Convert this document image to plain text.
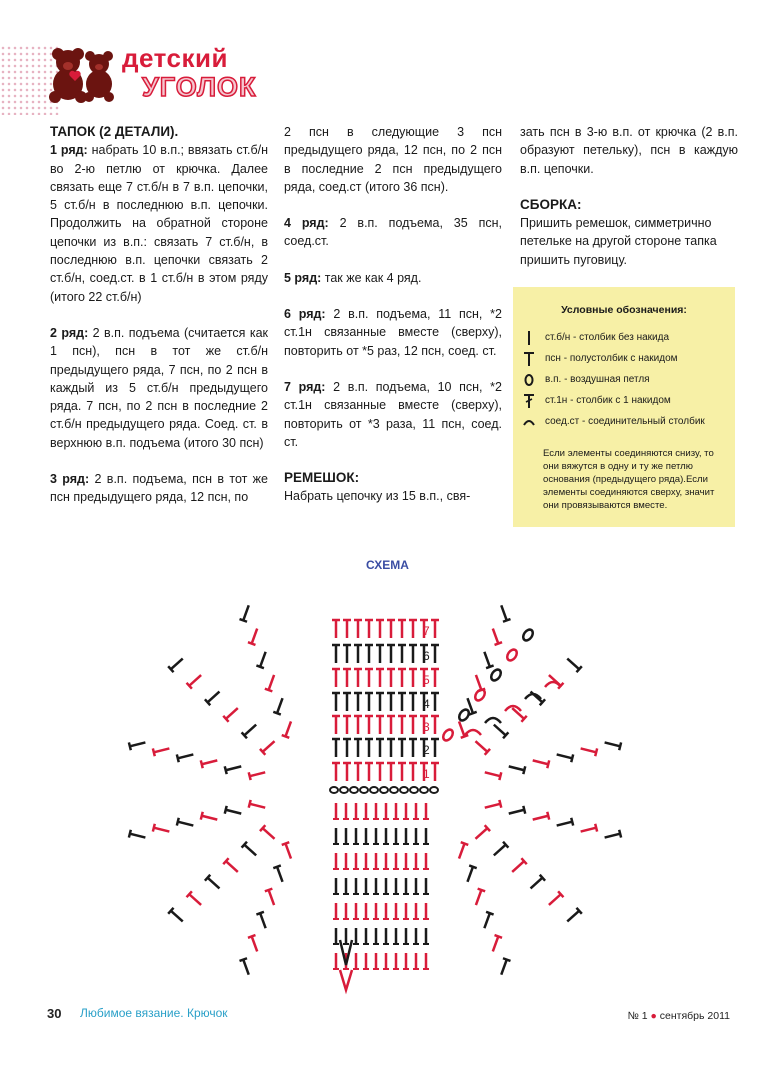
детский
УГОЛОК

ТАПОК (2 ДЕТАЛИ).

1 ряд: набрать 10 в.п.; ввязать ст.б/н во 2-ю петлю от крючка. Далее связать еще 7 ст.б/н в 7 в.п. цепочки, 5 ст.б/н в последнюю в.п. цепочки. Продолжить на обратной стороне цепочки из в.п.: связать 7 ст.б/н, в последнюю в.п. цепочки связать 2 ст.б/н, соед.ст. в 1 ст.б/н в этом ряду (итого 22 ст.б/н)

2 ряд: 2 в.п. подъема (считается как 1 псн), псн в тот же ст.б/н предыдущего ряда, 7 псн, по 2 псн в каждый из 5 ст.б/н предыдущего ряда. 7 псн, по 2 псн в последние 2 ст.б/н предыдущего ряда. Соед. ст. в верхнюю в.п. подъема (итого 30 псн)

3 ряд: 2 в.п. подъема, псн в тот же псн предыдущего ряда, 12 псн, по

2 псн в следующие 3 псн предыдущего ряда, 12 псн, по 2 псн в последние 2 псн предыдущего ряда, соед.ст (итого 36 псн).

4 ряд: 2 в.п. подъема, 35 псн, соед.ст.

5 ряд: так же как 4 ряд.

6 ряд: 2 в.п. подъема, 11 псн, *2 ст.1н связанные вместе (сверху), повторить от *5 раз, 12 псн, соед. ст.

7 ряд: 2 в.п. подъема, 10 псн, *2 ст.1н связанные вместе (сверху), повторить от *3 раза, 11 псн, соед. ст.

РЕМЕШОК:

Набрать цепочку из 15 в.п., свя-

зать псн в 3-ю в.п. от крючка (2 в.п. образуют петельку), псн в каждую в.п. цепочки.

СБОРКА:

Пришить ремешок, симметрично петельке на другой стороне тапка пришить пуговицу.

Условные обозначения:
ст.б/н - столбик без накида
псн - полустолбик с накидом
в.п. - воздушная петля
ст.1н - столбик с 1 накидом
соед.ст - соединительный столбик
Если элементы соединяются снизу, то они вяжутся в одну и ту же петлю основания (предыдущего ряда).Если элементы соединяются сверху, значит они провязываются вместе.
СХЕМА
1
2
3
4
5
6
7
30 Любимое вязание. Крючок	№ 1 ● сентябрь 2011
